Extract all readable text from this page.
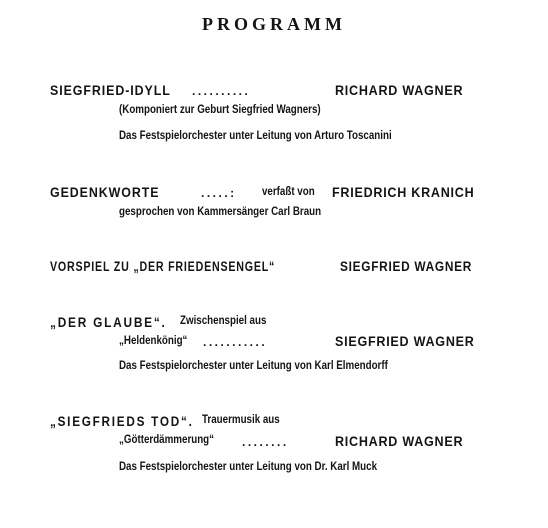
PROGRAMM
SIEGFRIED-IDYLL ..........	RICHARD WAGNER
(Komponiert zur Geburt Siegfried Wagners)
Das Festspielorchester unter Leitung von Arturo Toscanini
GEDENKWORTE	.....: verfaßt von FRIEDRICH KRANICH
gesprochen von Kammersänger Carl Braun
VORSPIEL ZU „DER FRIEDENSENGEL“	SIEGFRIED WAGNER
„DER GLAUBE“. Zwischenspiel aus
„Heldenkönig“ ...........	SIEGFRIED WAGNER
Das Festspielorchester unter Leitung von Karl Elmendorff
„SIEGFRIEDS TOD“. Trauermusik aus
„Götterdämmerung“ ........	RICHARD WAGNER
Das Festspielorchester unter Leitung von Dr. Karl Muck
